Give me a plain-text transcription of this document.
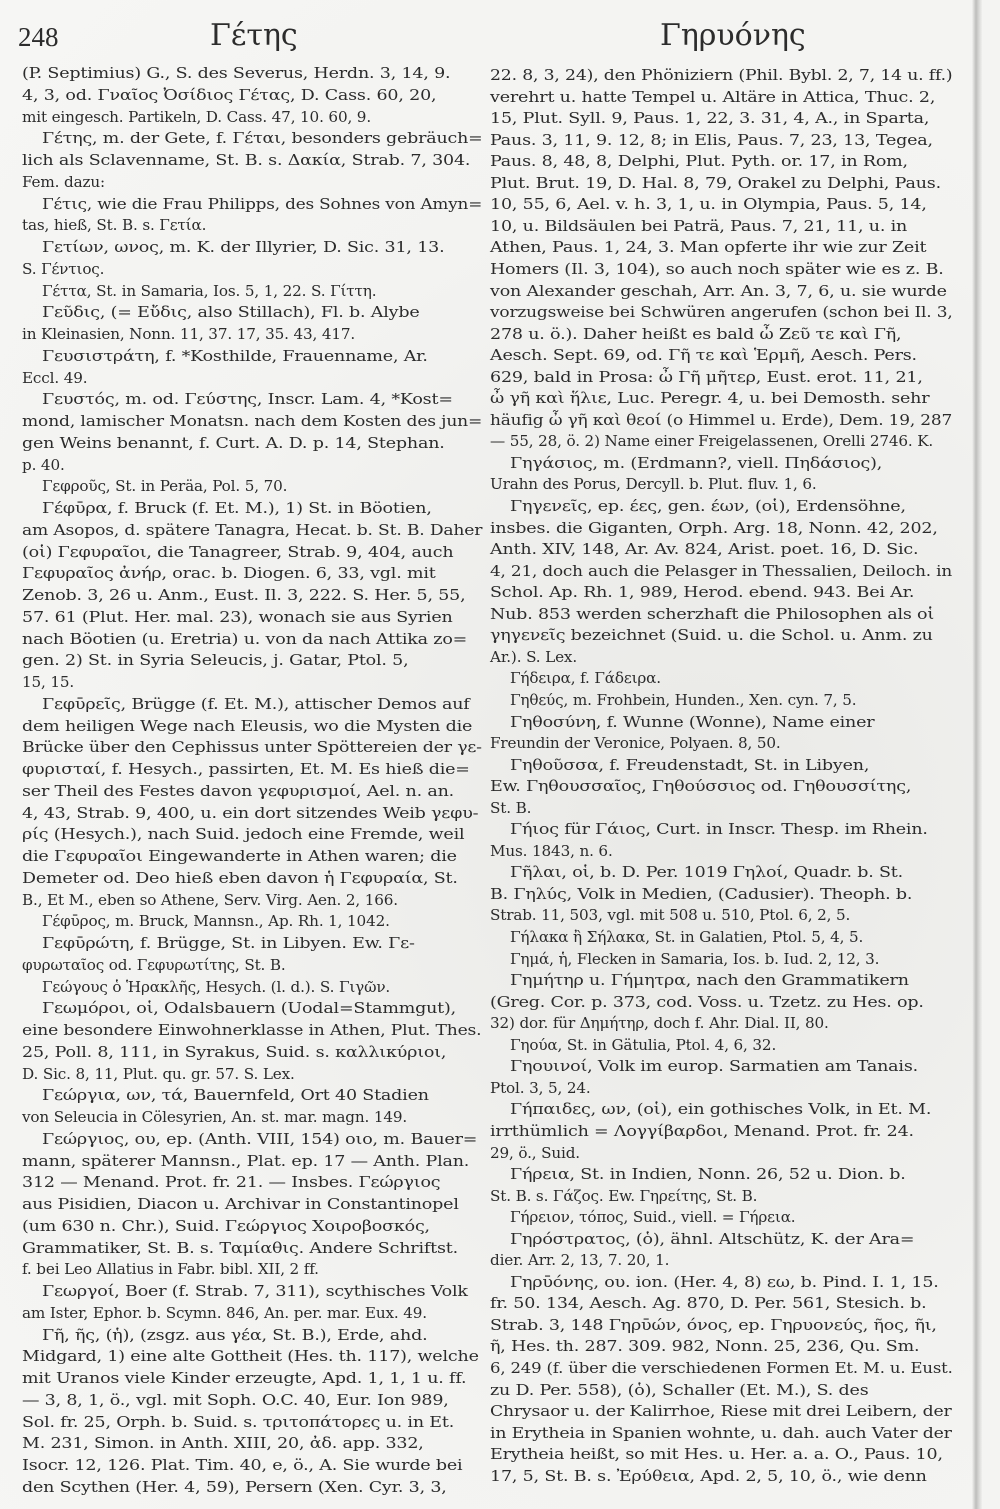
248	Γέτης	Γηρυόνης
(P. Septimius) G., S. des Severus, Herdn. 3, 14, 9.
4, 3, od. Γναῖος Ὀσίδιος Γέτας, D. Cass. 60, 20,
mit eingesch. Partikeln, D. Cass. 47, 10. 60, 9.
Γέτης, m. der Gete, f. Γέται, besonders gebräuch=
lich als Sclavenname, St. B. s. Δακία, Strab. 7, 304.
Fem. dazu:
Γέτις, wie die Frau Philipps, des Sohnes von Amyn=
tas, hieß, St. B. s. Γετία.
Γετίων, ωνος, m. K. der Illyrier, D. Sic. 31, 13.
S. Γέντιος.
Γέττα, St. in Samaria, Ios. 5, 1, 22. S. Γίττη.
Γεῦδις, (= Εὔδις, also Stillach), Fl. b. Alybe
in Kleinasien, Nonn. 11, 37. 17, 35. 43, 417.
Γευσιστράτη, f. *Kosthilde, Frauenname, Ar.
Eccl. 49.
Γευστός, m. od. Γεύστης, Inscr. Lam. 4, *Kost=
mond, lamischer Monatsn. nach dem Kosten des jun=
gen Weins benannt, f. Curt. A. D. p. 14, Stephan.
p. 40.
Γεφροῦς, St. in Peräa, Pol. 5, 70.
Γέφῡρα, f. Bruck (f. Et. M.), 1) St. in Böotien,
am Asopos, d. spätere Tanagra, Hecat. b. St. B. Daher
(οἱ) Γεφυραῖοι, die Tanagreer, Strab. 9, 404, auch
Γεφυραῖος ἀνήρ, orac. b. Diogen. 6, 33, vgl. mit
Zenob. 3, 26 u. Anm., Eust. Il. 3, 222. S. Her. 5, 55,
57. 61 (Plut. Her. mal. 23), wonach sie aus Syrien
nach Böotien (u. Eretria) u. von da nach Attika zo=
gen. 2) St. in Syria Seleucis, j. Gatar, Ptol. 5,
15, 15.
Γεφῡρεῖς, Brügge (f. Et. M.), attischer Demos auf
dem heiligen Wege nach Eleusis, wo die Mysten die
Brücke über den Cephissus unter Spöttereien der γε-
φυρισταί, f. Hesych., passirten, Et. M. Es hieß die=
ser Theil des Festes davon γεφυρισμοί, Ael. n. an.
4, 43, Strab. 9, 400, u. ein dort sitzendes Weib γεφυ-
ρίς (Hesych.), nach Suid. jedoch eine Fremde, weil
die Γεφυραῖοι Eingewanderte in Athen waren; die
Demeter od. Deo hieß eben davon ἡ Γεφυραία, St.
B., Et M., eben so Athene, Serv. Virg. Aen. 2, 166.
Γέφῡρος, m. Bruck, Mannsn., Ap. Rh. 1, 1042.
Γεφῡρώτη, f. Brügge, St. in Libyen. Ew. Γε-
φυρωταῖος od. Γεφυρωτίτης, St. B.
Γεώγους ὁ Ἡρακλῆς, Hesych. (l. d.). S. Γιγῶν.
Γεωμόροι, οἱ, Odalsbauern (Uodal=Stammgut),
eine besondere Einwohnerklasse in Athen, Plut. Thes.
25, Poll. 8, 111, in Syrakus, Suid. s. καλλικύριοι,
D. Sic. 8, 11, Plut. qu. gr. 57. S. Lex.
Γεώργια, ων, τά, Bauernfeld, Ort 40 Stadien
von Seleucia in Cölesyrien, An. st. mar. magn. 149.
Γεώργιος, ου, ep. (Anth. VIII, 154) οιο, m. Bauer=
mann, späterer Mannsn., Plat. ep. 17 — Anth. Plan.
312 — Menand. Prot. fr. 21. — Insbes. Γεώργιος
aus Pisidien, Diacon u. Archivar in Constantinopel
(um 630 n. Chr.), Suid. Γεώργιος Χοιροβοσκός,
Grammatiker, St. B. s. Ταμίαθις. Andere Schriftst.
f. bei Leo Allatius in Fabr. bibl. XII, 2 ff.
Γεωργοί, Boer (f. Strab. 7, 311), scythisches Volk
am Ister, Ephor. b. Scymn. 846, An. per. mar. Eux. 49.
Γῆ, ῆς, (ἡ), (zsgz. aus γέα, St. B.), Erde, ahd.
Midgard, 1) eine alte Gottheit (Hes. th. 117), welche
mit Uranos viele Kinder erzeugte, Apd. 1, 1, 1 u. ff.
— 3, 8, 1, ö., vgl. mit Soph. O.C. 40, Eur. Ion 989,
Sol. fr. 25, Orph. b. Suid. s. τριτοπάτορες u. in Et.
M. 231, Simon. in Anth. XIII, 20, ἀδ. app. 332,
Isocr. 12, 126. Plat. Tim. 40, e, ö., A. Sie wurde bei
den Scythen (Her. 4, 59), Persern (Xen. Cyr. 3, 3,
22. 8, 3, 24), den Phöniziern (Phil. Bybl. 2, 7, 14 u. ff.)
verehrt u. hatte Tempel u. Altäre in Attica, Thuc. 2,
15, Plut. Syll. 9, Paus. 1, 22, 3. 31, 4, A., in Sparta,
Paus. 3, 11, 9. 12, 8; in Elis, Paus. 7, 23, 13, Tegea,
Paus. 8, 48, 8, Delphi, Plut. Pyth. or. 17, in Rom,
Plut. Brut. 19, D. Hal. 8, 79, Orakel zu Delphi, Paus.
10, 55, 6, Ael. v. h. 3, 1, u. in Olympia, Paus. 5, 14,
10, u. Bildsäulen bei Paträ, Paus. 7, 21, 11, u. in
Athen, Paus. 1, 24, 3. Man opferte ihr wie zur Zeit
Homers (Il. 3, 104), so auch noch später wie es z. B.
von Alexander geschah, Arr. An. 3, 7, 6, u. sie wurde
vorzugsweise bei Schwüren angerufen (schon bei Il. 3,
278 u. ö.). Daher heißt es bald ὦ Ζεῦ τε καὶ Γῆ,
Aesch. Sept. 69, od. Γῆ τε καὶ Ἑρμῆ, Aesch. Pers.
629, bald in Prosa: ὦ Γῆ μῆτερ, Eust. erot. 11, 21,
ὦ γῆ καὶ ἥλιε, Luc. Peregr. 4, u. bei Demosth. sehr
häufig ὦ γῆ καὶ θεοί (o Himmel u. Erde), Dem. 19, 287
— 55, 28, ö. 2) Name einer Freigelassenen, Orelli 2746. K.
Γηγάσιος, m. (Erdmann?, viell. Πηδάσιος),
Urahn des Porus, Dercyll. b. Plut. fluv. 1, 6.
Γηγενεῖς, ep. έες, gen. έων, (οἱ), Erdensöhne,
insbes. die Giganten, Orph. Arg. 18, Nonn. 42, 202,
Anth. XIV, 148, Ar. Av. 824, Arist. poet. 16, D. Sic.
4, 21, doch auch die Pelasger in Thessalien, Deiloch. in
Schol. Ap. Rh. 1, 989, Herod. ebend. 943. Bei Ar.
Nub. 853 werden scherzhaft die Philosophen als οἱ
γηγενεῖς bezeichnet (Suid. u. die Schol. u. Anm. zu
Ar.). S. Lex.
Γήδειρα, f. Γάδειρα.
Γηθεύς, m. Frohbein, Hunden., Xen. cyn. 7, 5.
Γηθοσύνη, f. Wunne (Wonne), Name einer
Freundin der Veronice, Polyaen. 8, 50.
Γηθοῦσσα, f. Freudenstadt, St. in Libyen,
Ew. Γηθουσσαῖος, Γηθούσσιος od. Γηθουσσίτης,
St. B.
Γήιος für Γάιος, Curt. in Inscr. Thesp. im Rhein.
Mus. 1843, n. 6.
Γῆλαι, οἱ, b. D. Per. 1019 Γηλοί, Quadr. b. St.
B. Γηλύς, Volk in Medien, (Cadusier). Theoph. b.
Strab. 11, 503, vgl. mit 508 u. 510, Ptol. 6, 2, 5.
Γήλακα ἢ Σήλακα, St. in Galatien, Ptol. 5, 4, 5.
Γημά, ἡ, Flecken in Samaria, Ios. b. Iud. 2, 12, 3.
Γημήτηρ u. Γήμητρα, nach den Grammatikern
(Greg. Cor. p. 373, cod. Voss. u. Tzetz. zu Hes. op.
32) dor. für Δημήτηρ, doch f. Ahr. Dial. II, 80.
Γηούα, St. in Gätulia, Ptol. 4, 6, 32.
Γηουινοί, Volk im europ. Sarmatien am Tanais.
Ptol. 3, 5, 24.
Γήπαιδες, ων, (οἱ), ein gothisches Volk, in Et. M.
irrthümlich = Λογγίβαρδοι, Menand. Prot. fr. 24.
29, ö., Suid.
Γήρεια, St. in Indien, Nonn. 26, 52 u. Dion. b.
St. B. s. Γάζος. Ew. Γηρείτης, St. B.
Γήρειον, τόπος, Suid., viell. = Γήρεια.
Γηρόστρατος, (ὁ), ähnl. Altschütz, K. der Ara=
dier. Arr. 2, 13, 7. 20, 1.
Γηρῡόνης, ου. ion. (Her. 4, 8) εω, b. Pind. I. 1, 15.
fr. 50. 134, Aesch. Ag. 870, D. Per. 561, Stesich. b.
Strab. 3, 148 Γηρῡών, όνος, ep. Γηρυονεύς, ῆος, ῆι,
ῆ, Hes. th. 287. 309. 982, Nonn. 25, 236, Qu. Sm.
6, 249 (f. über die verschiedenen Formen Et. M. u. Eust.
zu D. Per. 558), (ὁ), Schaller (Et. M.), S. des
Chrysaor u. der Kalirrhoe, Riese mit drei Leibern, der
in Erytheia in Spanien wohnte, u. dah. auch Vater der
Erytheia heißt, so mit Hes. u. Her. a. a. O., Paus. 10,
17, 5, St. B. s. Ἐρύθεια, Apd. 2, 5, 10, ö., wie denn
